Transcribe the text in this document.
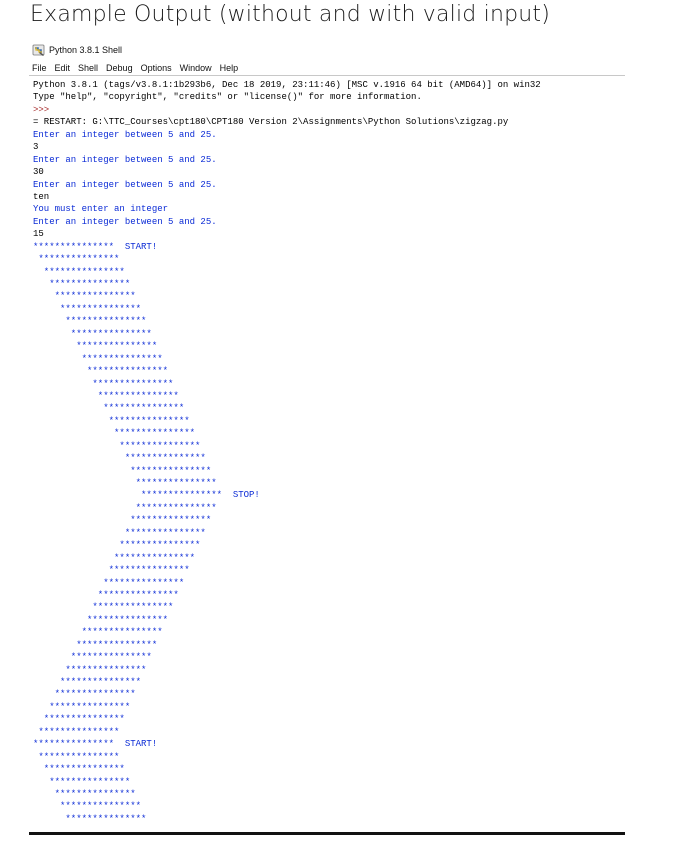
Example Output (without and with valid input)
Python 3.8.1 Shell
File Edit Shell Debug Options Window Help
Python 3.8.1 (tags/v3.8.1:1b293b6, Dec 18 2019, 23:11:46) [MSC v.1916 64 bit (AMD64)] on win32
Type "help", "copyright", "credits" or "license()" for more information.
>>>
= RESTART: G:\TTC_Courses\cpt180\CPT180 Version 2\Assignments\Python Solutions\zigzag.py
Enter an integer between 5 and 25.
3
Enter an integer between 5 and 25.
30
Enter an integer between 5 and 25.
ten
You must enter an integer
Enter an integer between 5 and 25.
15
***************  START!
***************
***************
***************
***************
***************
***************
***************
***************
***************
***************
***************
***************
***************
***************
***************
***************
***************
***************
***************
***************  STOP!
***************
***************
***************
***************
***************
***************
***************
***************
***************
***************
***************
***************
***************
***************
***************
***************
***************
***************
***************
***************  START!
***************
***************
***************
***************
***************
***************
